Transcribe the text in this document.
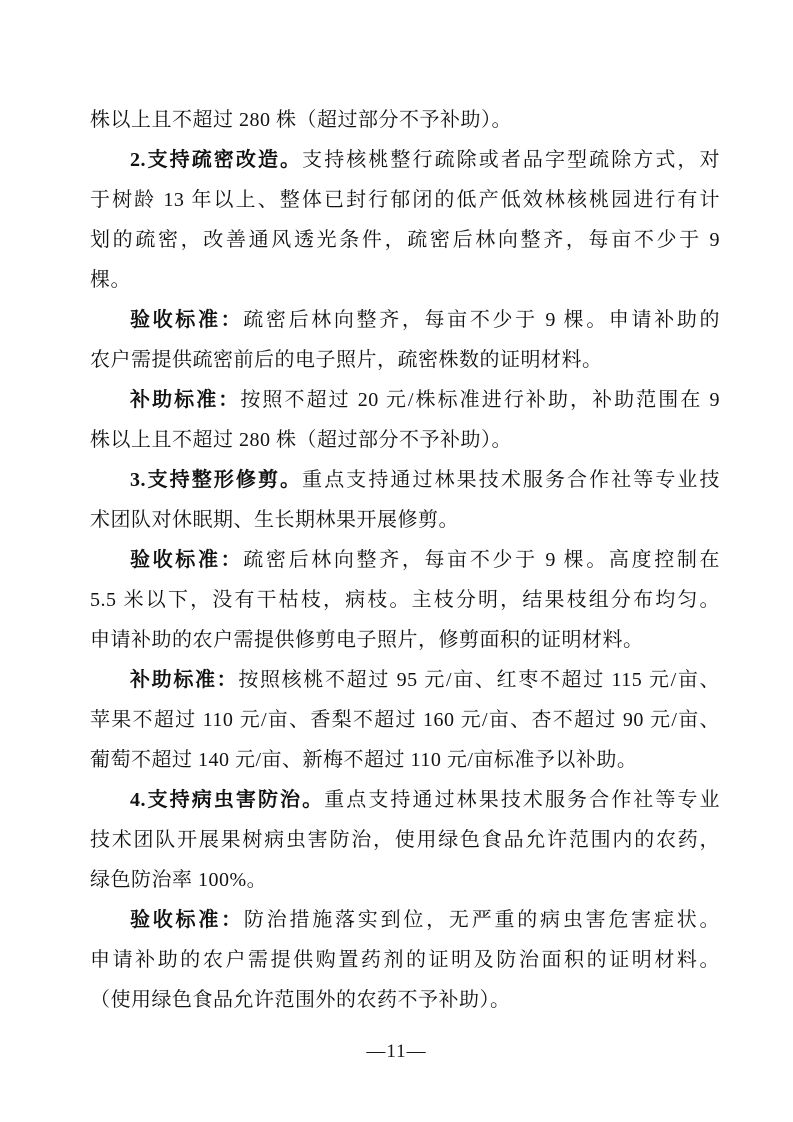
株以上且不超过 280 株（超过部分不予补助）。
2.支持疏密改造。支持核桃整行疏除或者品字型疏除方式，对
于树龄 13 年以上、整体已封行郁闭的低产低效林核桃园进行有计
划的疏密，改善通风透光条件，疏密后林向整齐，每亩不少于 9
棵。
验收标准：疏密后林向整齐，每亩不少于 9 棵。申请补助的
农户需提供疏密前后的电子照片，疏密株数的证明材料。
补助标准：按照不超过 20 元/株标准进行补助，补助范围在 9
株以上且不超过 280 株（超过部分不予补助）。
3.支持整形修剪。重点支持通过林果技术服务合作社等专业技
术团队对休眠期、生长期林果开展修剪。
验收标准：疏密后林向整齐，每亩不少于 9 棵。高度控制在
5.5 米以下，没有干枯枝，病枝。主枝分明，结果枝组分布均匀。
申请补助的农户需提供修剪电子照片，修剪面积的证明材料。
补助标准：按照核桃不超过 95 元/亩、红枣不超过 115 元/亩、
苹果不超过 110 元/亩、香梨不超过 160 元/亩、杏不超过 90 元/亩、
葡萄不超过 140 元/亩、新梅不超过 110 元/亩标准予以补助。
4.支持病虫害防治。重点支持通过林果技术服务合作社等专业
技术团队开展果树病虫害防治，使用绿色食品允许范围内的农药，
绿色防治率 100%。
验收标准：防治措施落实到位，无严重的病虫害危害症状。
申请补助的农户需提供购置药剂的证明及防治面积的证明材料。
（使用绿色食品允许范围外的农药不予补助）。
—11—
